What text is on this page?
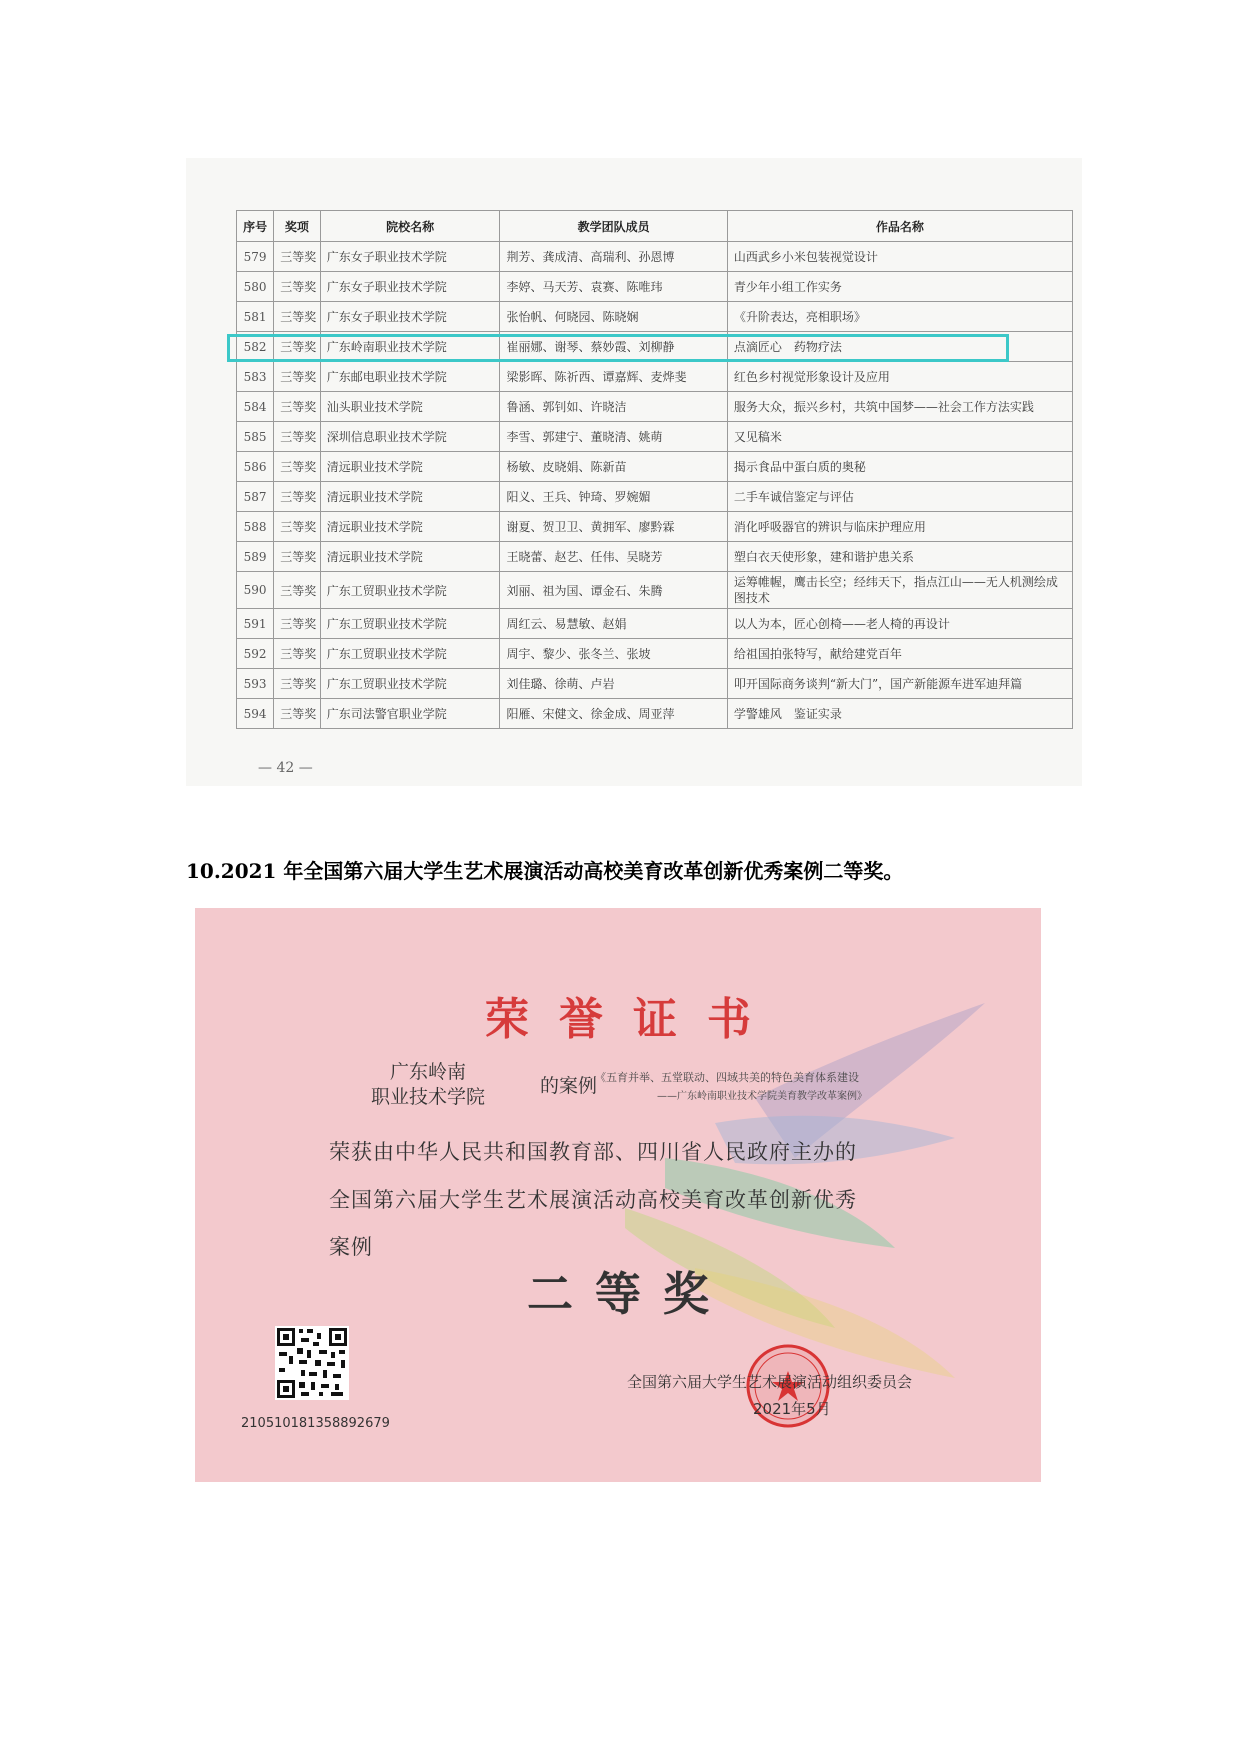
序号	奖项	院校名称	教学团队成员	作品名称
579	三等奖	广东女子职业技术学院	荆芳、龚成清、高瑞利、孙恩博	山西武乡小米包装视觉设计
580	三等奖	广东女子职业技术学院	李婷、马天芳、袁赛、陈唯玮	青少年小组工作实务
581	三等奖	广东女子职业技术学院	张怡帆、何晓园、陈晓娴	《升阶表达，亮相职场》
582	三等奖	广东岭南职业技术学院	崔丽娜、谢琴、蔡妙霞、刘柳静	点滴匠心　药物疗法
583	三等奖	广东邮电职业技术学院	梁影晖、陈祈西、谭嘉辉、麦烨斐	红色乡村视觉形象设计及应用
584	三等奖	汕头职业技术学院	鲁涵、郭钊如、许晓洁	服务大众，振兴乡村，共筑中国梦——社会工作方法实践
585	三等奖	深圳信息职业技术学院	李雪、郭建宁、董晓清、姚萌	又见稿米
586	三等奖	清远职业技术学院	杨敏、皮晓娟、陈新苗	揭示食品中蛋白质的奥秘
587	三等奖	清远职业技术学院	阳义、王兵、钟琦、罗婉媚	二手车诚信鉴定与评估
588	三等奖	清远职业技术学院	谢夏、贺卫卫、黄拥军、廖黔霖	消化呼吸器官的辨识与临床护理应用
589	三等奖	清远职业技术学院	王晓蕾、赵艺、任伟、吴晓芳	塑白衣天使形象，建和谐护患关系
590	三等奖	广东工贸职业技术学院	刘丽、祖为国、谭金石、朱腾	运筹帷幄，鹰击长空；经纬天下，指点江山——无人机测绘成图技术
591	三等奖	广东工贸职业技术学院	周红云、易慧敏、赵娟	以人为本，匠心创椅——老人椅的再设计
592	三等奖	广东工贸职业技术学院	周宇、黎少、张冬兰、张坡	给祖国拍张特写，献给建党百年
593	三等奖	广东工贸职业技术学院	刘佳璐、徐萌、卢岩	叩开国际商务谈判“新大门”，国产新能源车进军迪拜篇
594	三等奖	广东司法警官职业学院	阳雁、宋健文、徐金成、周亚萍	学警雄风　鉴证实录
— 42 —
10.2021 年全国第六届大学生艺术展演活动高校美育改革创新优秀案例二等奖。
荣誉证书
广东岭南
职业技术学院	的案例
《五育并举、五堂联动、四域共美的特色美育体系建设
——广东岭南职业技术学院美育教学改革案例》
荣获由中华人民共和国教育部、四川省人民政府主办的
全国第六届大学生艺术展演活动高校美育改革创新优秀
案例
二等奖
210510181358892679
全国第六届大学生艺术展演活动组织委员会
2021年5月
